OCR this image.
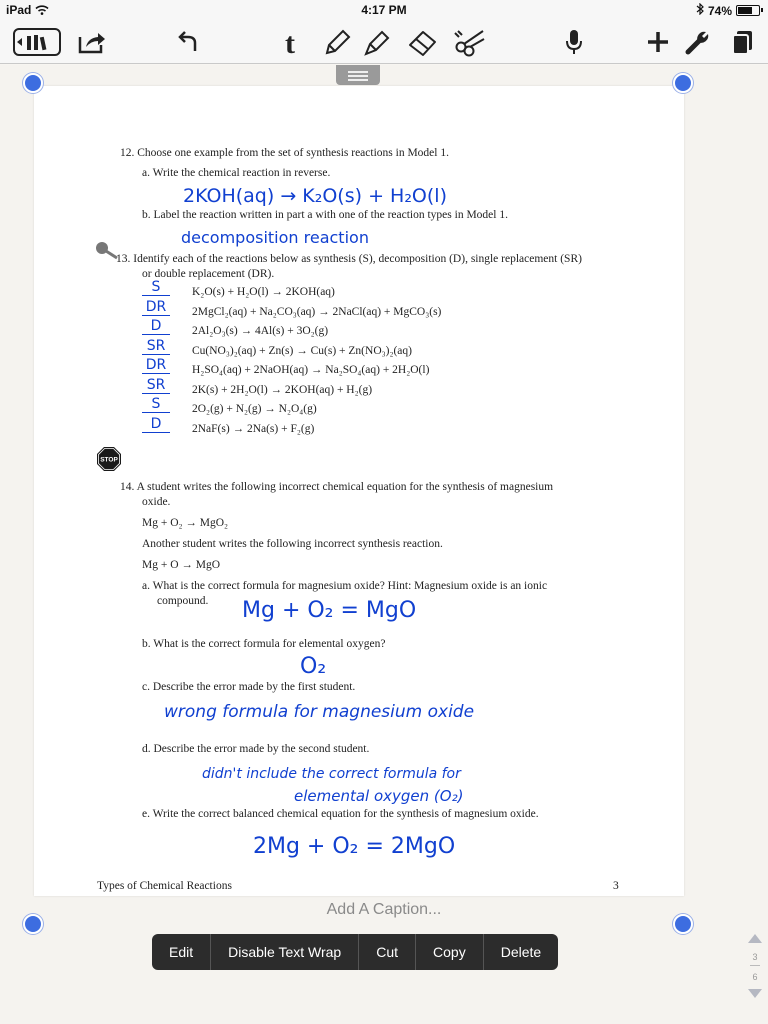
iPad	4:17 PM	74%
t
12. Choose one example from the set of synthesis reactions in Model 1.
a. Write the chemical reaction in reverse.
2KOH(aq) → K₂O(s) + H₂O(l)
b. Label the reaction written in part a with one of the reaction types in Model 1.
decomposition reaction
13. Identify each of the reactions below as synthesis (S), decomposition (D), single replacement (SR)
or double replacement (DR).
S	K₂O(s) + H₂O(l) → 2KOH(aq)
DR	2MgCl₂(aq) + Na₂CO₃(aq) → 2NaCl(aq) + MgCO₃(s)
D	2Al₂O₃(s) → 4Al(s) + 3O₂(g)
SR	Cu(NO₃)₂(aq) + Zn(s) → Cu(s) + Zn(NO₃)₂(aq)
DR	H₂SO₄(aq) + 2NaOH(aq) → Na₂SO₄(aq) + 2H₂O(l)
SR	2K(s) + 2H₂O(l) → 2KOH(aq) + H₂(g)
S	2O₂(g) + N₂(g) → N₂O₄(g)
D	2NaF(s) → 2Na(s) + F₂(g)
STOP
14. A student writes the following incorrect chemical equation for the synthesis of magnesium
oxide.
Mg + O₂ → MgO₂
Another student writes the following incorrect synthesis reaction.
Mg + O → MgO
a. What is the correct formula for magnesium oxide? Hint: Magnesium oxide is an ionic
compound. Mg + O₂ = MgO
b. What is the correct formula for elemental oxygen?
O₂
c. Describe the error made by the first student.
wrong formula for magnesium oxide
d. Describe the error made by the second student.
didn't include the correct formula for
elemental oxygen (O₂)
e. Write the correct balanced chemical equation for the synthesis of magnesium oxide.
2Mg + O₂ = 2MgO
Types of Chemical Reactions	3
Add A Caption...
Edit	Disable Text Wrap	Cut	Copy	Delete	3
6
